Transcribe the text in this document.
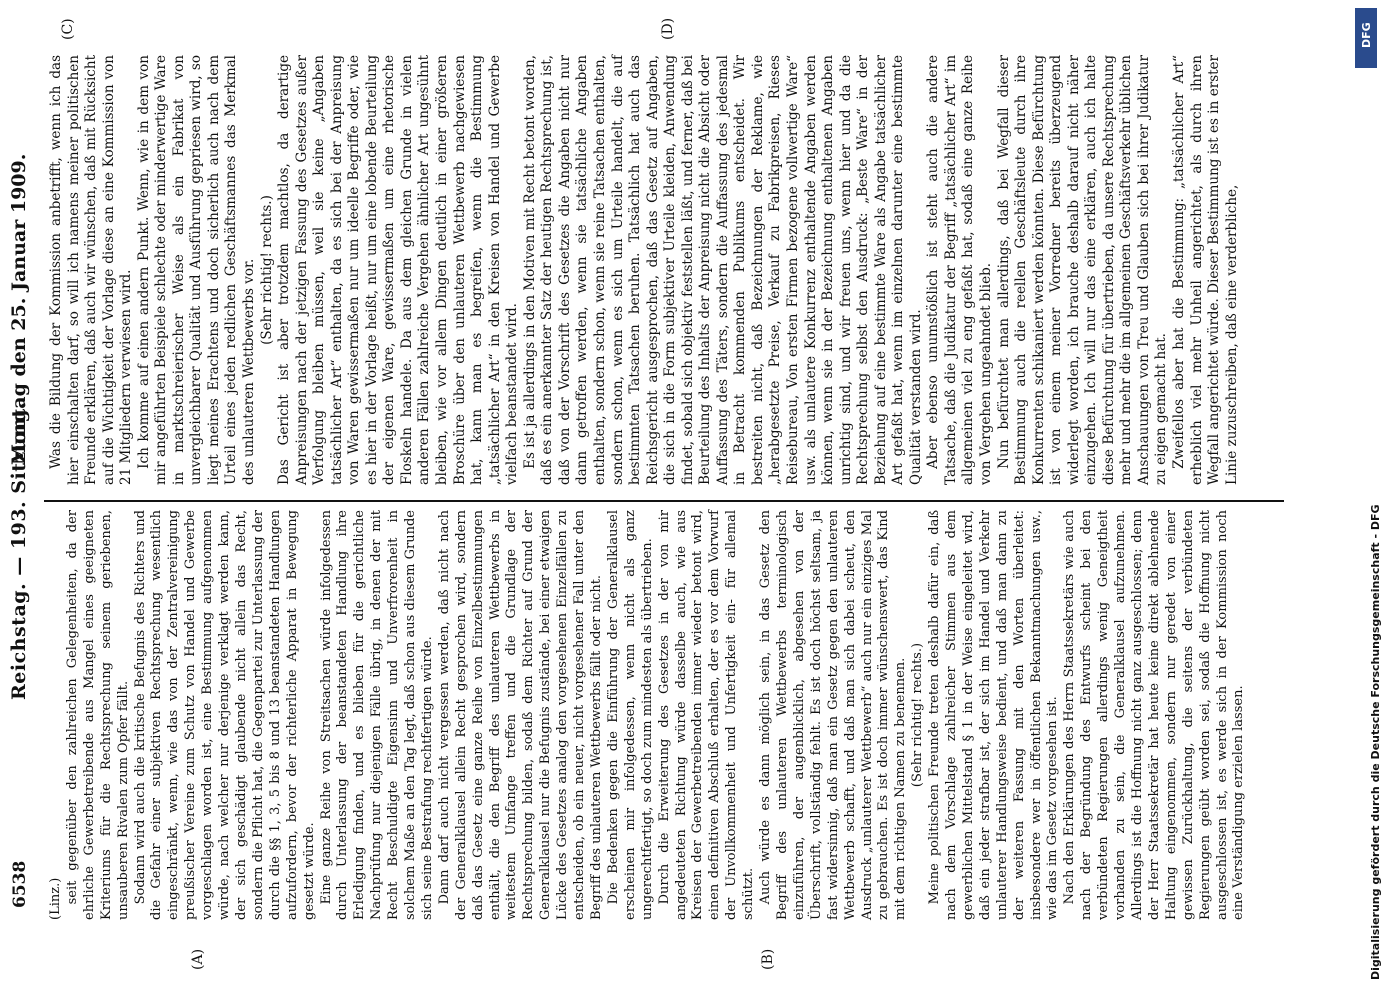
6538
Reichstag. — 193. Sitzung.
Montag den 25. Januar 1909.
(A)	(B)
(C)	(D)

(Linz.) seit gegenüber den zahlreichen Gelegenheiten, da der ehrliche Gewerbetreibende aus Mangel eines geeigneten Kriteriums für die Rechtsprechung seinem geriebenen, unsauberen Rivalen zum Opfer fällt. Sodann wird auch die kritische Befugnis des Richters und die Gefahr einer subjektiven Rechtsprechung wesentlich eingeschränkt, wenn, wie das von der Zentralvereinigung preußischer Vereine zum Schutz von Handel und Gewerbe vorgeschlagen worden ist, eine Bestimmung aufgenommen würde, nach welcher nur derjenige verklagt werden kann, der sich geschädigt glaubende nicht allein das Recht, sondern die Pflicht hat, die Gegenpartei zur Unterlassung der durch die §§ 1, 3, 5 bis 8 und 13 beanstandeten Handlungen aufzufordern, bevor der richterliche Apparat in Bewegung gesetzt würde. Eine ganze Reihe von Streitsachen würde infolgedessen durch Unterlassung der beanstandeten Handlung ihre Erledigung finden, und es blieben für die gerichtliche Nachprüfung nur diejenigen Fälle übrig, in denen der mit Recht Beschuldigte Eigensinn und Unverfrorenheit in solchem Maße an den Tag legt, daß schon aus diesem Grunde sich seine Bestrafung rechtfertigen würde. Dann darf auch nicht vergessen werden, daß nicht nach der Generalklausel allein Recht gesprochen wird, sondern daß das Gesetz eine ganze Reihe von Einzelbestimmungen enthält, die den Begriff des unlauteren Wettbewerbs in weitestem Umfange treffen und die Grundlage der Rechtsprechung bilden, sodaß dem Richter auf Grund der Generalklausel nur die Befugnis zustände, bei einer etwaigen Lücke des Gesetzes analog den vorgesehenen Einzelfällen zu entscheiden, ob ein neuer, nicht vorgesehener Fall unter den Begriff des unlauteren Wettbewerbs fällt oder nicht. Die Bedenken gegen die Einführung der Generalklausel erscheinen mir infolgedessen, wenn nicht als ganz ungerechtfertigt, so doch zum mindesten als übertrieben. Durch die Erweiterung des Gesetzes in der von mir angedeuteten Richtung würde dasselbe auch, wie aus Kreisen der Gewerbetreibenden immer wieder betont wird, einen definitiven Abschluß erhalten, der es vor dem Vorwurf der Unvollkommenheit und Unfertigkeit ein- für allemal schützt. Auch würde es dann möglich sein, in das Gesetz den Begriff des unlauteren Wettbewerbs terminologisch einzuführen, der augenblicklich, abgesehen von der Überschrift, vollständig fehlt. Es ist doch höchst seltsam, ja fast widersinnig, daß man ein Gesetz gegen den unlauteren Wettbewerb schafft, und daß man sich dabei scheut, den Ausdruck „unlauterer Wettbewerb“ auch nur ein einziges Mal zu gebrauchen. Es ist doch immer wünschenswert, das Kind mit dem richtigen Namen zu benennen. (Sehr richtig! rechts.) Meine politischen Freunde treten deshalb dafür ein, daß nach dem Vorschlage zahlreicher Stimmen aus dem gewerblichen Mittelstand § 1 in der Weise eingeleitet wird, daß ein jeder strafbar ist, der sich im Handel und Verkehr unlauterer Handlungsweise bedient, und daß man dann zu der weiteren Fassung mit den Worten überleitet: insbesondere wer in öffentlichen Bekanntmachungen usw., wie das im Gesetz vorgesehen ist. Nach den Erklärungen des Herrn Staatssekretärs wie auch nach der Begründung des Entwurfs scheint bei den verbündeten Regierungen allerdings wenig Geneigtheit vorhanden zu sein, die Generalklausel aufzunehmen. Allerdings ist die Hoffnung nicht ganz ausgeschlossen; denn der Herr Staatssekretär hat heute keine direkt ablehnende Haltung eingenommen, sondern nur geredet von einer gewissen Zurückhaltung, die seitens der verbündeten Regierungen geübt worden sei, sodaß die Hoffnung nicht ausgeschlossen ist, es werde sich in der Kommission noch eine Verständigung erzielen lassen.

Was die Bildung der Kommission anbetrifft, wenn ich das hier einschalten darf, so will ich namens meiner politischen Freunde erklären, daß auch wir wünschen, daß mit Rücksicht auf die Wichtigkeit der Vorlage diese an eine Kommission von 21 Mitgliedern verwiesen wird. Ich komme auf einen andern Punkt. Wenn, wie in dem von mir angeführten Beispiele schlechte oder minderwertige Ware in marktschreierischer Weise als ein Fabrikat von unvergleichbarer Qualität und Ausführung gepriesen wird, so liegt meines Erachtens und doch sicherlich auch nach dem Urteil eines jeden redlichen Geschäftsmannes das Merkmal des unlauteren Wettbewerbs vor. (Sehr richtig! rechts.) Das Gericht ist aber trotzdem machtlos, da derartige Anpreisungen nach der jetzigen Fassung des Gesetzes außer Verfolgung bleiben müssen, weil sie keine „Angaben tatsächlicher Art“ enthalten, da es sich bei der Anpreisung von Waren gewissermaßen nur um ideelle Begriffe oder, wie es hier in der Vorlage heißt, nur um eine lobende Beurteilung der eigenen Ware, gewissermaßen um eine rhetorische Floskeln handele. Da aus dem gleichen Grunde in vielen anderen Fällen zahlreiche Vergehen ähnlicher Art ungesühnt bleiben, wie vor allem Dingen deutlich in einer größeren Broschüre über den unlauteren Wettbewerb nachgewiesen hat, kann man es begreifen, wenn die Bestimmung „tatsächlicher Art“ in den Kreisen von Handel und Gewerbe vielfach beanstandet wird. Es ist ja allerdings in den Motiven mit Recht betont worden, daß es ein anerkannter Satz der heutigen Rechtsprechung ist, daß von der Vorschrift des Gesetzes die Angaben nicht nur dann getroffen werden, wenn sie tatsächliche Angaben enthalten, sondern schon, wenn sie reine Tatsachen enthalten, sondern schon, wenn es sich um Urteile handelt, die auf bestimmten Tatsachen beruhen. Tatsächlich hat auch das Reichsgericht ausgesprochen, daß das Gesetz auf Angaben, die sich in die Form subjektiver Urteile kleiden, Anwendung findet, sobald sich objektiv feststellen läßt, und ferner, daß bei Beurteilung des Inhalts der Anpreisung nicht die Absicht oder Auffassung des Täters, sondern die Auffassung des jedesmal in Betracht kommenden Publikums entscheidet. Wir bestreiten nicht, daß Bezeichnungen der Reklame, wie „herabgesetzte Preise, Verkauf zu Fabrikpreisen, Rieses Reisebureau, Von ersten Firmen bezogene vollwertige Ware“ usw. als unlautere Konkurrenz enthaltende Angaben werden können, wenn sie in der Bezeichnung enthaltenen Angaben unrichtig sind, und wir freuen uns, wenn hier und da die Rechtsprechung selbst den Ausdruck: „Beste Ware“ in der Beziehung auf eine bestimmte Ware als Angabe tatsächlicher Art gefaßt hat, wenn im einzelnen darunter eine bestimmte Qualität verstanden wird. Aber ebenso unumstößlich ist steht auch die andere Tatsache, daß die Judikatur der Begriff „tatsächlicher Art“ im allgemeinen viel zu eng gefaßt hat, sodaß eine ganze Reihe von Vergehen ungeahndet blieb. Nun befürchtet man allerdings, daß bei Wegfall dieser Bestimmung auch die reellen Geschäftsleute durch ihre Konkurrenten schikaniert werden könnten. Diese Befürchtung ist von einem meiner Vorredner bereits überzeugend widerlegt worden, ich brauche deshalb darauf nicht näher einzugehen. Ich will nur das eine erklären, auch ich halte diese Befürchtung für übertrieben, da unsere Rechtsprechung mehr und mehr die im allgemeinen Geschäftsverkehr üblichen Anschauungen von Treu und Glauben sich bei ihrer Judikatur zu eigen gemacht hat. Zweifellos aber hat die Bestimmung: „tatsächlicher Art“ erheblich viel mehr Unheil angerichtet, als durch ihren Wegfall angerichtet würde. Dieser Bestimmung ist es in erster Linie zuzuschreiben, daß eine verderbliche,

DFG
Digitalisierung gefördert durch die Deutsche Forschungsgemeinschaft - DFG
